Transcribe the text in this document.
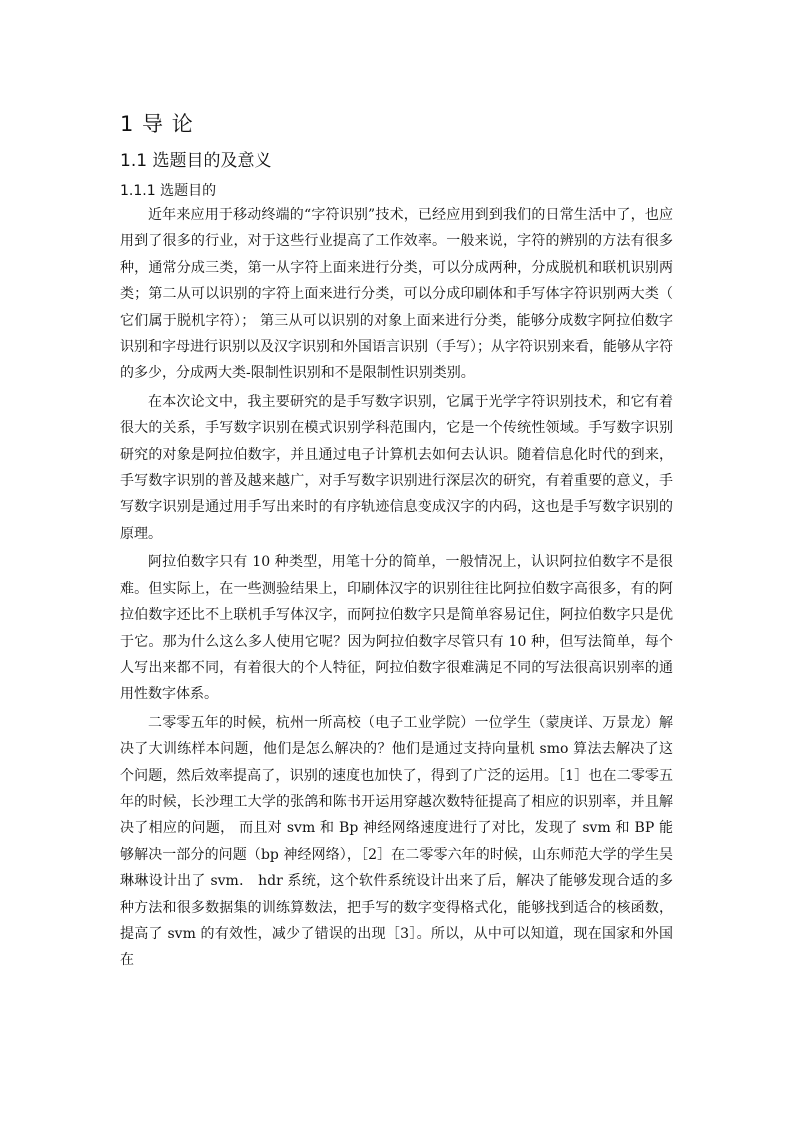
1 导 论
1.1 选题目的及意义
1.1.1 选题目的

近年来应用于移动终端的“字符识别”技术，已经应用到到我们的日常生活中了，也应用到了很多的行业，对于这些行业提高了工作效率。一般来说，字符的辨别的方法有很多种，通常分成三类，第一从字符上面来进行分类，可以分成两种，分成脱机和联机识别两类；第二从可以识别的字符上面来进行分类，可以分成印刷体和手写体字符识别两大类（它们属于脱机字符）； 第三从可以识别的对象上面来进行分类，能够分成数字阿拉伯数字识别和字母进行识别以及汉字识别和外国语言识别（手写）；从字符识别来看，能够从字符的多少，分成两大类-限制性识别和不是限制性识别类别。

在本次论文中，我主要研究的是手写数字识别，它属于光学字符识别技术，和它有着很大的关系，手写数字识别在模式识别学科范围内，它是一个传统性领域。手写数字识别研究的对象是阿拉伯数字，并且通过电子计算机去如何去认识。随着信息化时代的到来，手写数字识别的普及越来越广，对手写数字识别进行深层次的研究，有着重要的意义，手写数字识别是通过用手写出来时的有序轨迹信息变成汉字的内码，这也是手写数字识别的原理。

阿拉伯数字只有 10 种类型，用笔十分的简单，一般情况上，认识阿拉伯数字不是很难。但实际上，在一些测验结果上，印刷体汉字的识别往往比阿拉伯数字高很多，有的阿拉伯数字还比不上联机手写体汉字，而阿拉伯数字只是简单容易记住，阿拉伯数字只是优于它。那为什么这么多人使用它呢？因为阿拉伯数字尽管只有 10 种，但写法简单，每个人写出来都不同，有着很大的个人特征，阿拉伯数字很难满足不同的写法很高识别率的通用性数字体系。

二零零五年的时候，杭州一所高校（电子工业学院）一位学生（蒙庚详、万景龙）解决了大训练样本问题，他们是怎么解决的？他们是通过支持向量机 smo 算法去解决了这个问题，然后效率提高了，识别的速度也加快了，得到了广泛的运用。［1］也在二零零五年的时候，长沙理工大学的张鸽和陈书开运用穿越次数特征提高了相应的识别率，并且解决了相应的问题， 而且对 svm 和 Bp 神经网络速度进行了对比，发现了 svm 和 BP 能够解决一部分的问题（bp 神经网络），［2］在二零零六年的时候，山东师范大学的学生吴琳琳设计出了 svm． hdr 系统，这个软件系统设计出来了后，解决了能够发现合适的多种方法和很多数据集的训练算数法，把手写的数字变得格式化，能够找到适合的核函数，提高了 svm 的有效性，减少了错误的出现［3］。所以，从中可以知道，现在国家和外国在
